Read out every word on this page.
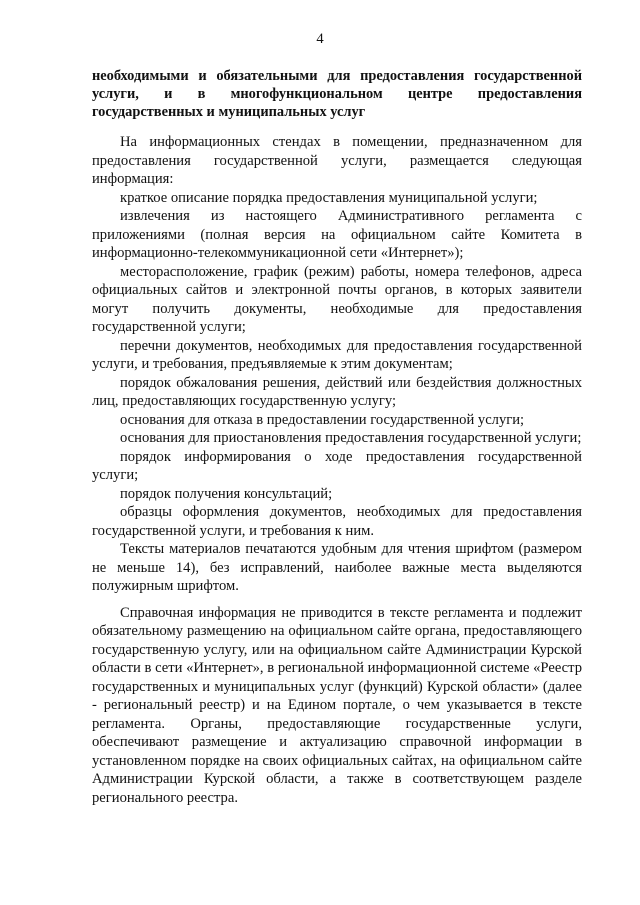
4
необходимыми и обязательными для предоставления государственной услуги, и в многофункциональном центре предоставления государственных и муниципальных услуг

На информационных стендах в помещении, предназначенном для предоставления государственной услуги, размещается следующая информация:

краткое описание порядка предоставления муниципальной услуги;

извлечения из настоящего Административного регламента с приложениями (полная версия на официальном сайте Комитета в информационно-телекоммуникационной сети «Интернет»);

месторасположение, график (режим) работы, номера телефонов, адреса официальных сайтов и электронной почты органов, в которых заявители могут получить документы, необходимые для предоставления государственной услуги;

перечни документов, необходимых для предоставления государственной услуги, и требования, предъявляемые к этим документам;

порядок обжалования решения, действий или бездействия должностных лиц, предоставляющих государственную услугу;

основания для отказа в предоставлении государственной услуги;

основания для приостановления предоставления государственной услуги;

порядок информирования о ходе предоставления государственной услуги;

порядок получения консультаций;

образцы оформления документов, необходимых для предоставления государственной услуги, и требования к ним.

Тексты материалов печатаются удобным для чтения шрифтом (размером не меньше 14), без исправлений, наиболее важные места выделяются полужирным шрифтом.

Справочная информация не приводится в тексте регламента и подлежит обязательному размещению на официальном сайте органа, предоставляющего государственную услугу, или на официальном сайте Администрации Курской области в сети «Интернет», в региональной информационной системе «Реестр государственных и муниципальных услуг (функций) Курской области» (далее - региональный реестр) и на Едином портале, о чем указывается в тексте регламента. Органы, предоставляющие государственные услуги, обеспечивают размещение и актуализацию справочной информации в установленном порядке на своих официальных сайтах, на официальном сайте Администрации Курской области, а также в соответствующем разделе регионального реестра.
